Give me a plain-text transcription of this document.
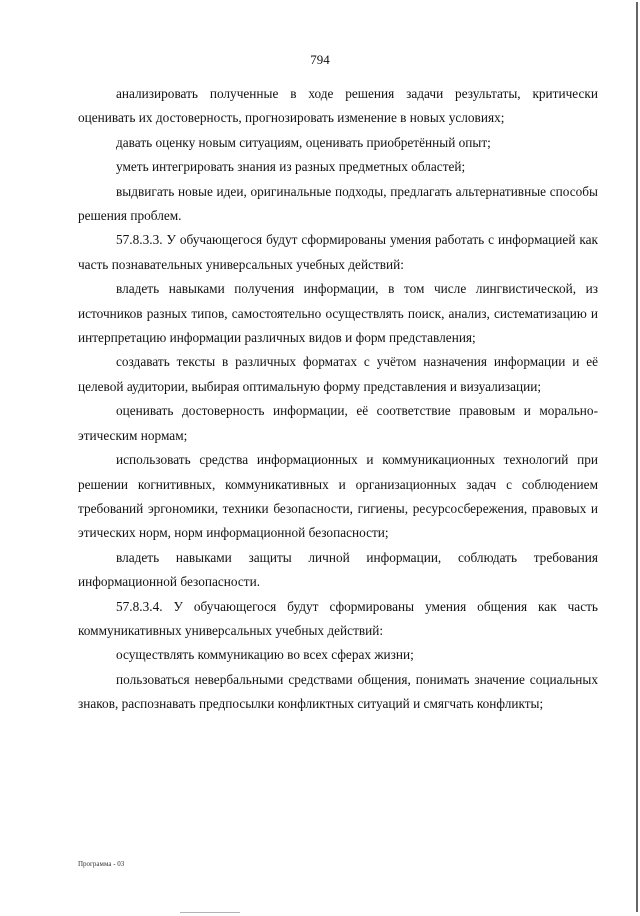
794

анализировать полученные в ходе решения задачи результаты, критически оценивать их достоверность, прогнозировать изменение в новых условиях;

давать оценку новым ситуациям, оценивать приобретённый опыт;

уметь интегрировать знания из разных предметных областей;

выдвигать новые идеи, оригинальные подходы, предлагать альтернативные способы решения проблем.

57.8.3.3. У обучающегося будут сформированы умения работать с информацией как часть познавательных универсальных учебных действий:

владеть навыками получения информации, в том числе лингвистической, из источников разных типов, самостоятельно осуществлять поиск, анализ, систематизацию и интерпретацию информации различных видов и форм представления;

создавать тексты в различных форматах с учётом назначения информации и её целевой аудитории, выбирая оптимальную форму представления и визуализации;

оценивать достоверность информации, её соответствие правовым и морально-этическим нормам;

использовать средства информационных и коммуникационных технологий при решении когнитивных, коммуникативных и организационных задач с соблюдением требований эргономики, техники безопасности, гигиены, ресурсосбережения, правовых и этических норм, норм информационной безопасности;

владеть навыками защиты личной информации, соблюдать требования информационной безопасности.

57.8.3.4. У обучающегося будут сформированы умения общения как часть коммуникативных универсальных учебных действий:

осуществлять коммуникацию во всех сферах жизни;

пользоваться невербальными средствами общения, понимать значение социальных знаков, распознавать предпосылки конфликтных ситуаций и смягчать конфликты;

Программа - 03
